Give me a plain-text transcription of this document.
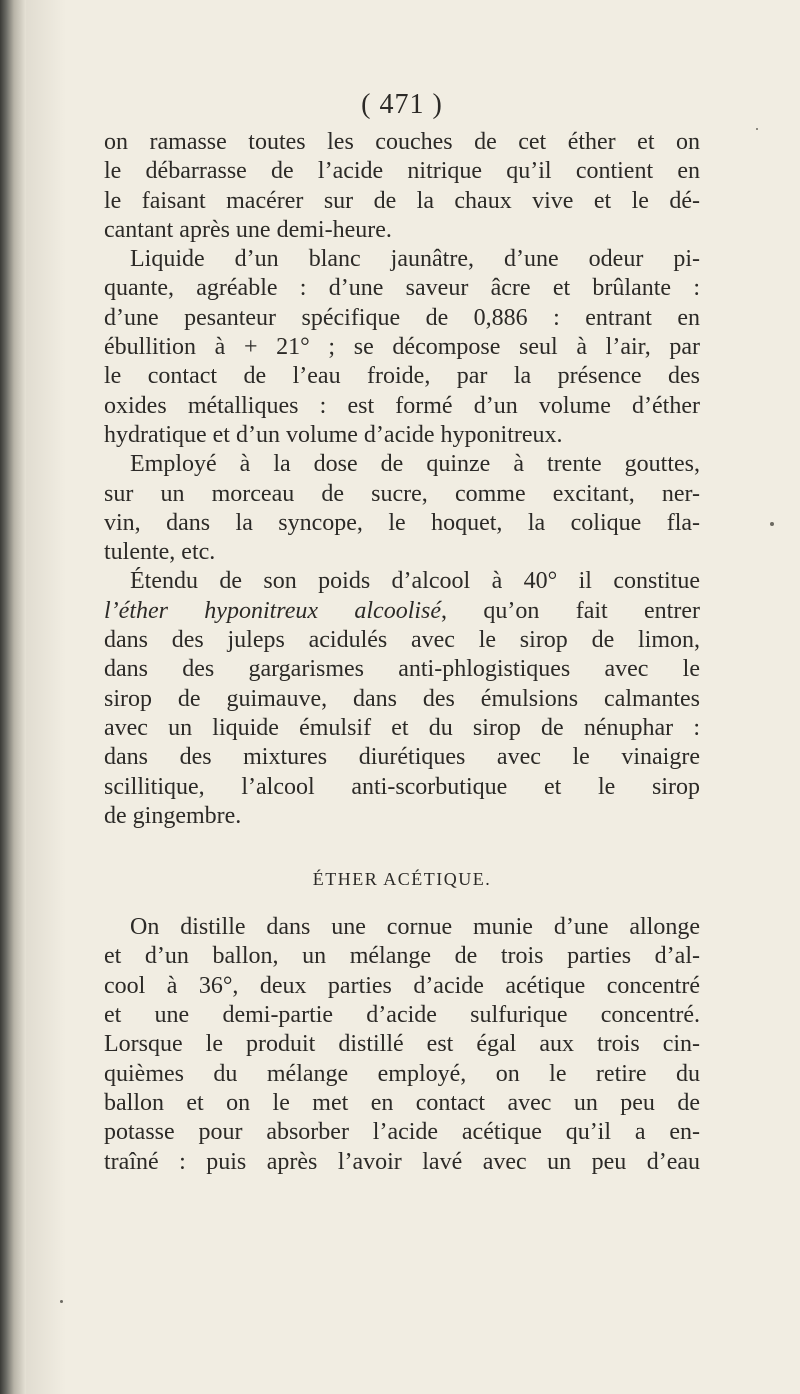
( 471 )
on ramasse toutes les couches de cet éther et on
le débarrasse de l’acide nitrique qu’il contient en
le faisant macérer sur de la chaux vive et le dé-
cantant après une demi-heure.
Liquide d’un blanc jaunâtre, d’une odeur pi-
quante, agréable : d’une saveur âcre et brûlante :
d’une pesanteur spécifique de 0,886 : entrant en
ébullition à + 21° ; se décompose seul à l’air, par
le contact de l’eau froide, par la présence des
oxides métalliques : est formé d’un volume d’éther
hydratique et d’un volume d’acide hyponitreux.
Employé à la dose de quinze à trente gouttes,
sur un morceau de sucre, comme excitant, ner-
vin, dans la syncope, le hoquet, la colique fla-
tulente, etc.
Étendu de son poids d’alcool à 40° il constitue
l’éther hyponitreux alcoolisé, qu’on fait entrer
dans des juleps acidulés avec le sirop de limon,
dans des gargarismes anti-phlogistiques avec le
sirop de guimauve, dans des émulsions calmantes
avec un liquide émulsif et du sirop de nénuphar :
dans des mixtures diurétiques avec le vinaigre
scillitique, l’alcool anti-scorbutique et le sirop
de gingembre.
ÉTHER ACÉTIQUE.
On distille dans une cornue munie d’une allonge
et d’un ballon, un mélange de trois parties d’al-
cool à 36°, deux parties d’acide acétique concentré
et une demi-partie d’acide sulfurique concentré.
Lorsque le produit distillé est égal aux trois cin-
quièmes du mélange employé, on le retire du
ballon et on le met en contact avec un peu de
potasse pour absorber l’acide acétique qu’il a en-
traîné : puis après l’avoir lavé avec un peu d’eau
